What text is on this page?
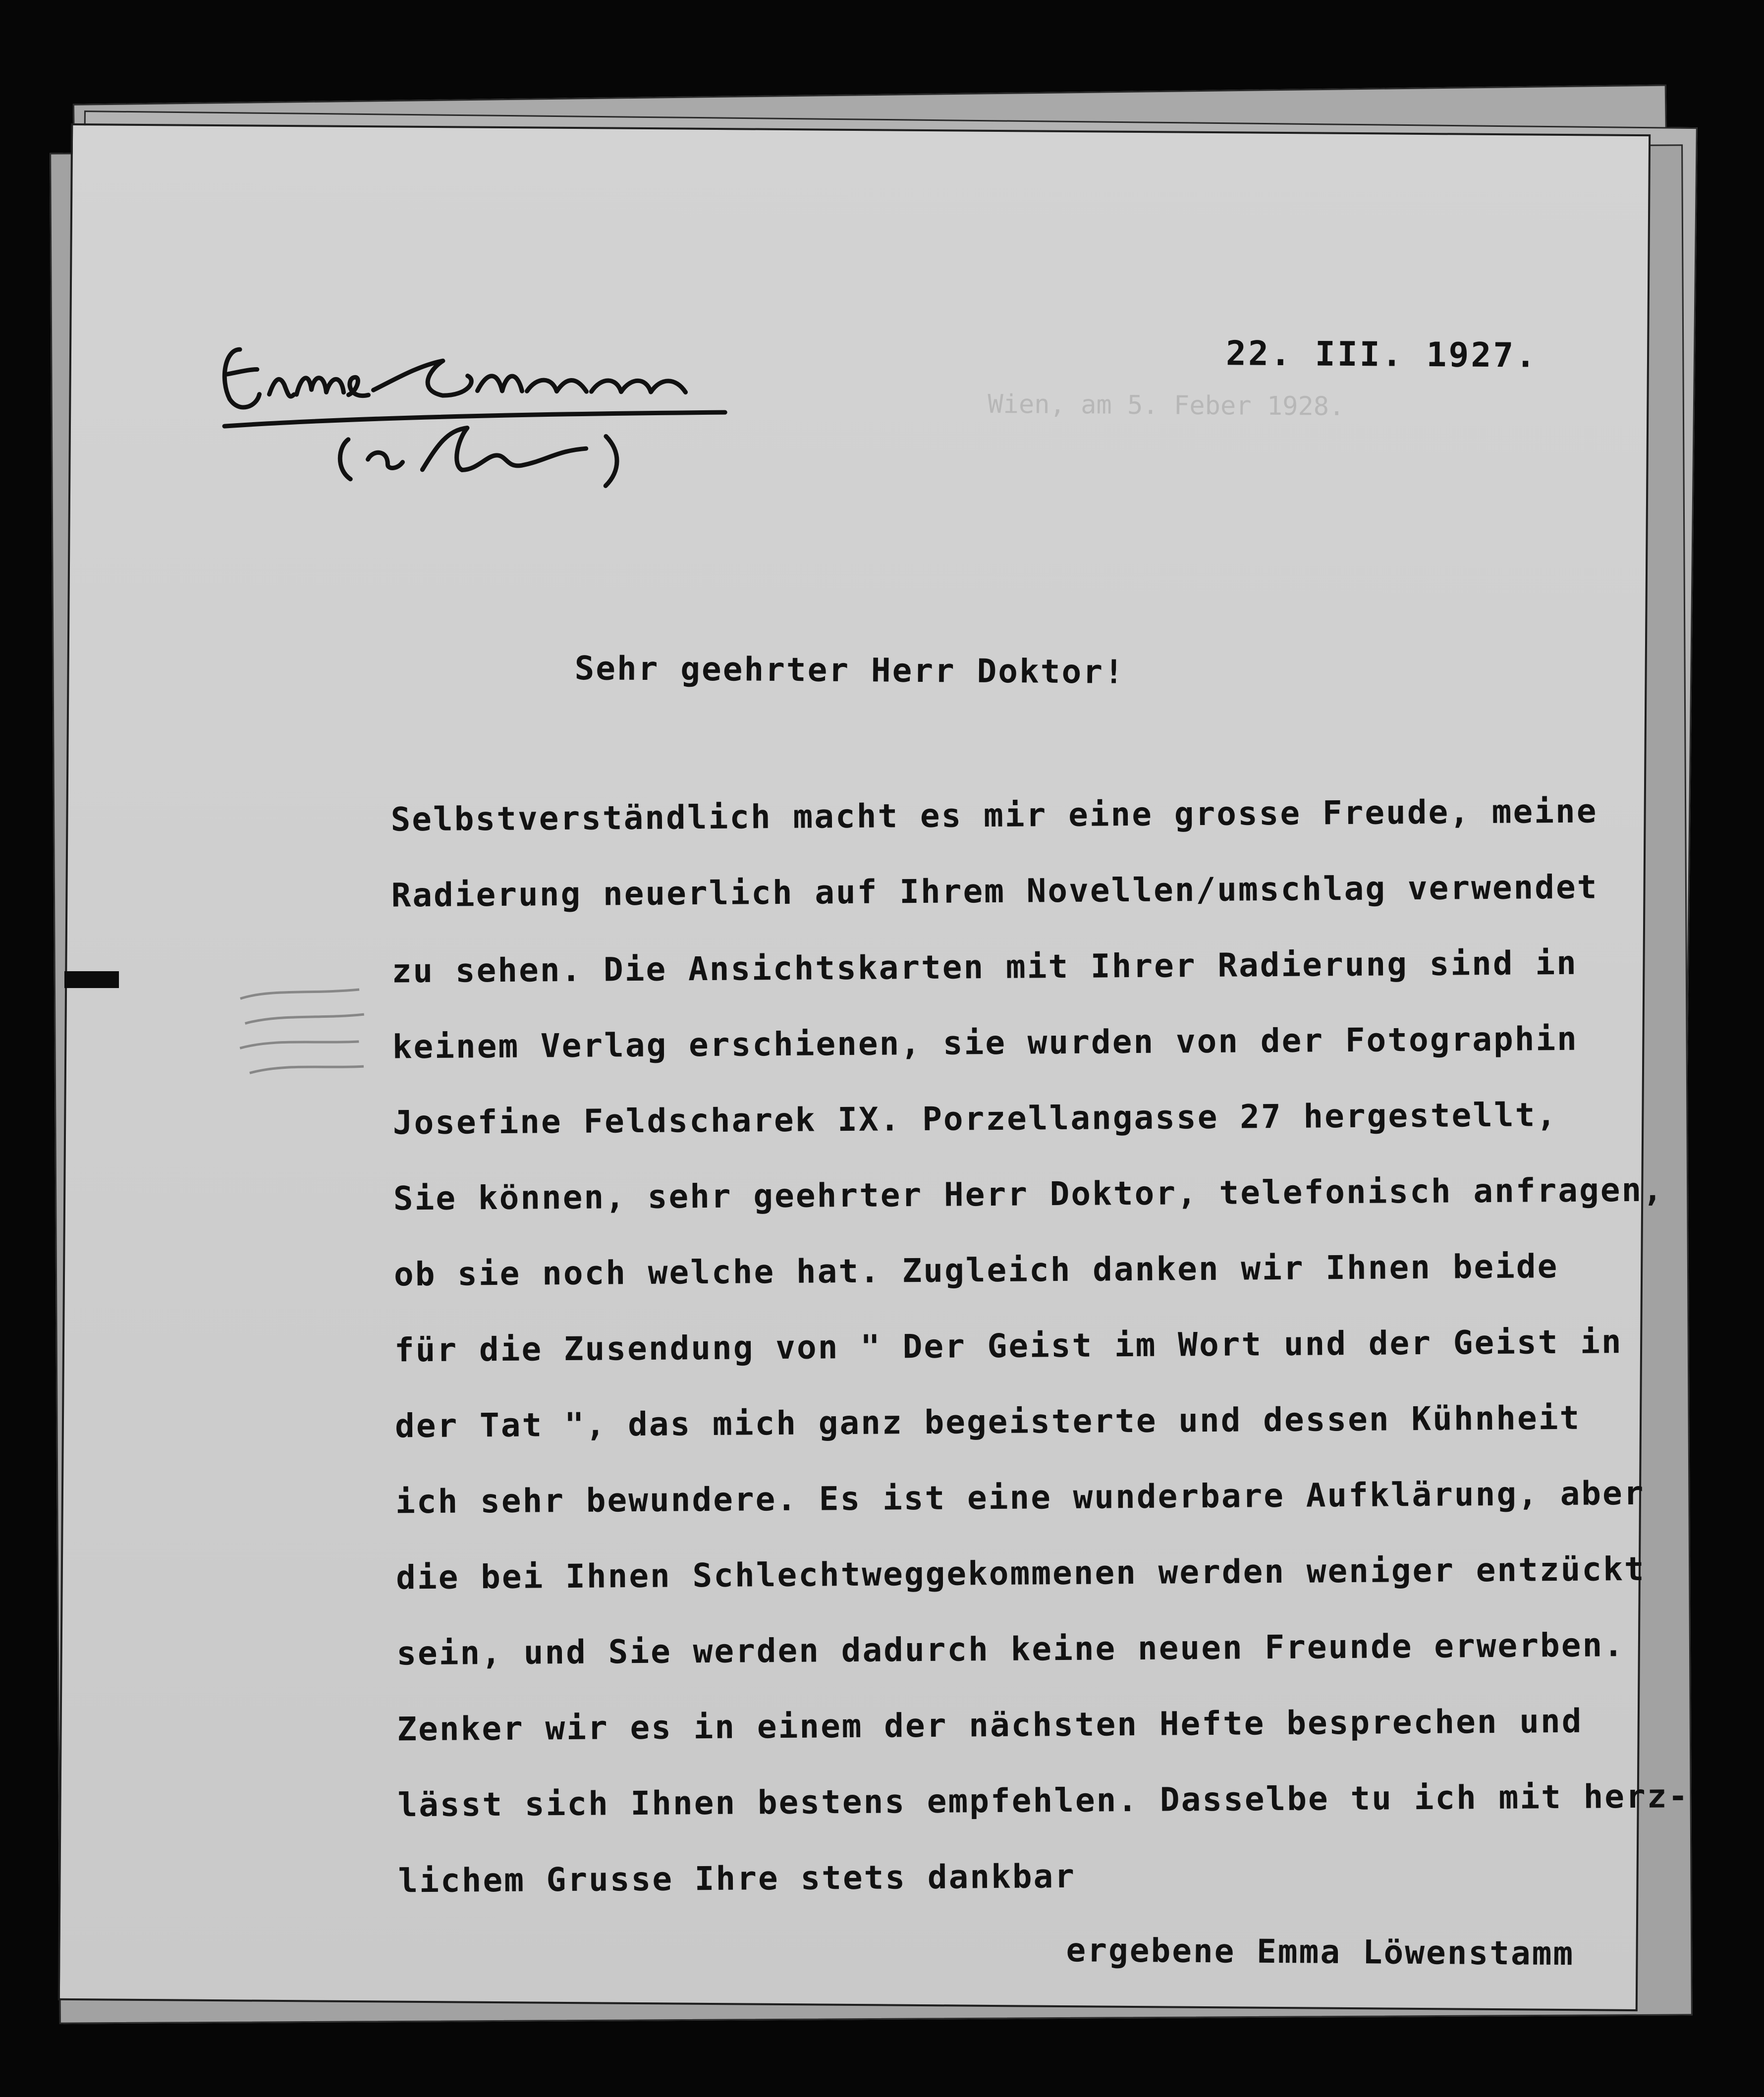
Wien, am 5. Feber 1928.
22. III. 1927.
Sehr geehrter Herr Doktor!
Selbstverständlich macht es mir eine grosse Freude, meine
Radierung neuerlich auf Ihrem Novellen/umschlag verwendet
zu sehen. Die Ansichtskarten mit Ihrer Radierung sind in
keinem Verlag erschienen, sie wurden von der Fotographin
Josefine Feldscharek IX. Porzellangasse 27 hergestellt,
Sie können, sehr geehrter Herr Doktor, telefonisch anfragen,
ob sie noch welche hat. Zugleich danken wir Ihnen beide
für die Zusendung von " Der Geist im Wort und der Geist in
der Tat ", das mich ganz begeisterte und dessen Kühnheit
ich sehr bewundere. Es ist eine wunderbare Aufklärung, aber
die bei Ihnen Schlechtweggekommenen werden weniger entzückt
sein, und Sie werden dadurch keine neuen Freunde erwerben.
Zenker wir es in einem der nächsten Hefte besprechen und
lässt sich Ihnen bestens empfehlen. Dasselbe tu ich mit herz-
lichem Grusse Ihre stets dankbar
ergebene Emma Löwenstamm
